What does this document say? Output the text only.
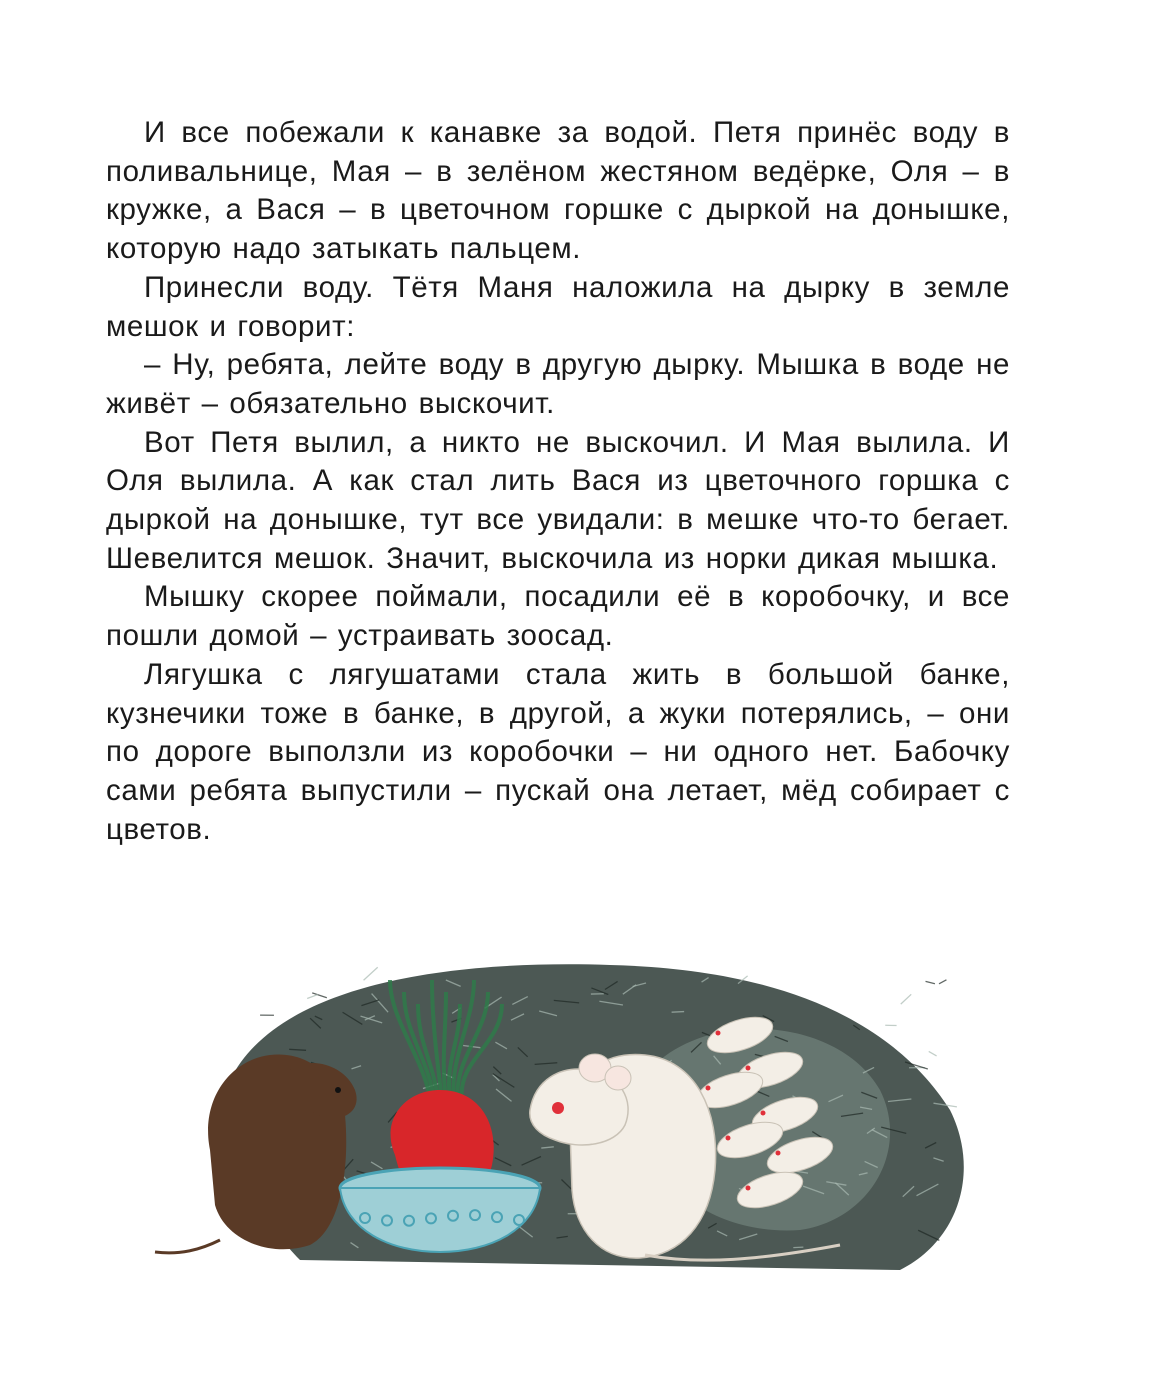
И все побежали к канавке за водой. Петя принёс воду в поливальнице, Мая – в зелёном жестяном ведёрке, Оля – в кружке, а Вася – в цветочном горшке с дыркой на донышке, которую надо затыкать пальцем.

Принесли воду. Тётя Маня наложила на дырку в земле мешок и говорит:

– Ну, ребята, лейте воду в другую дырку. Мышка в воде не живёт – обязательно выскочит.

Вот Петя вылил, а никто не выскочил. И Мая вылила. И Оля вылила. А как стал лить Вася из цветочного горшка с дыркой на донышке, тут все увидали: в мешке что-то бегает. Шевелится мешок. Значит, выскочила из норки дикая мышка.

Мышку скорее поймали, посадили её в коробочку, и все пошли домой – устраивать зоосад.

Лягушка с лягушатами стала жить в большой банке, кузнечики тоже в банке, в другой, а жуки потерялись, – они по дороге выползли из коробочки – ни одного нет. Бабочку сами ребята выпустили – пускай она летает, мёд собирает с цветов.
